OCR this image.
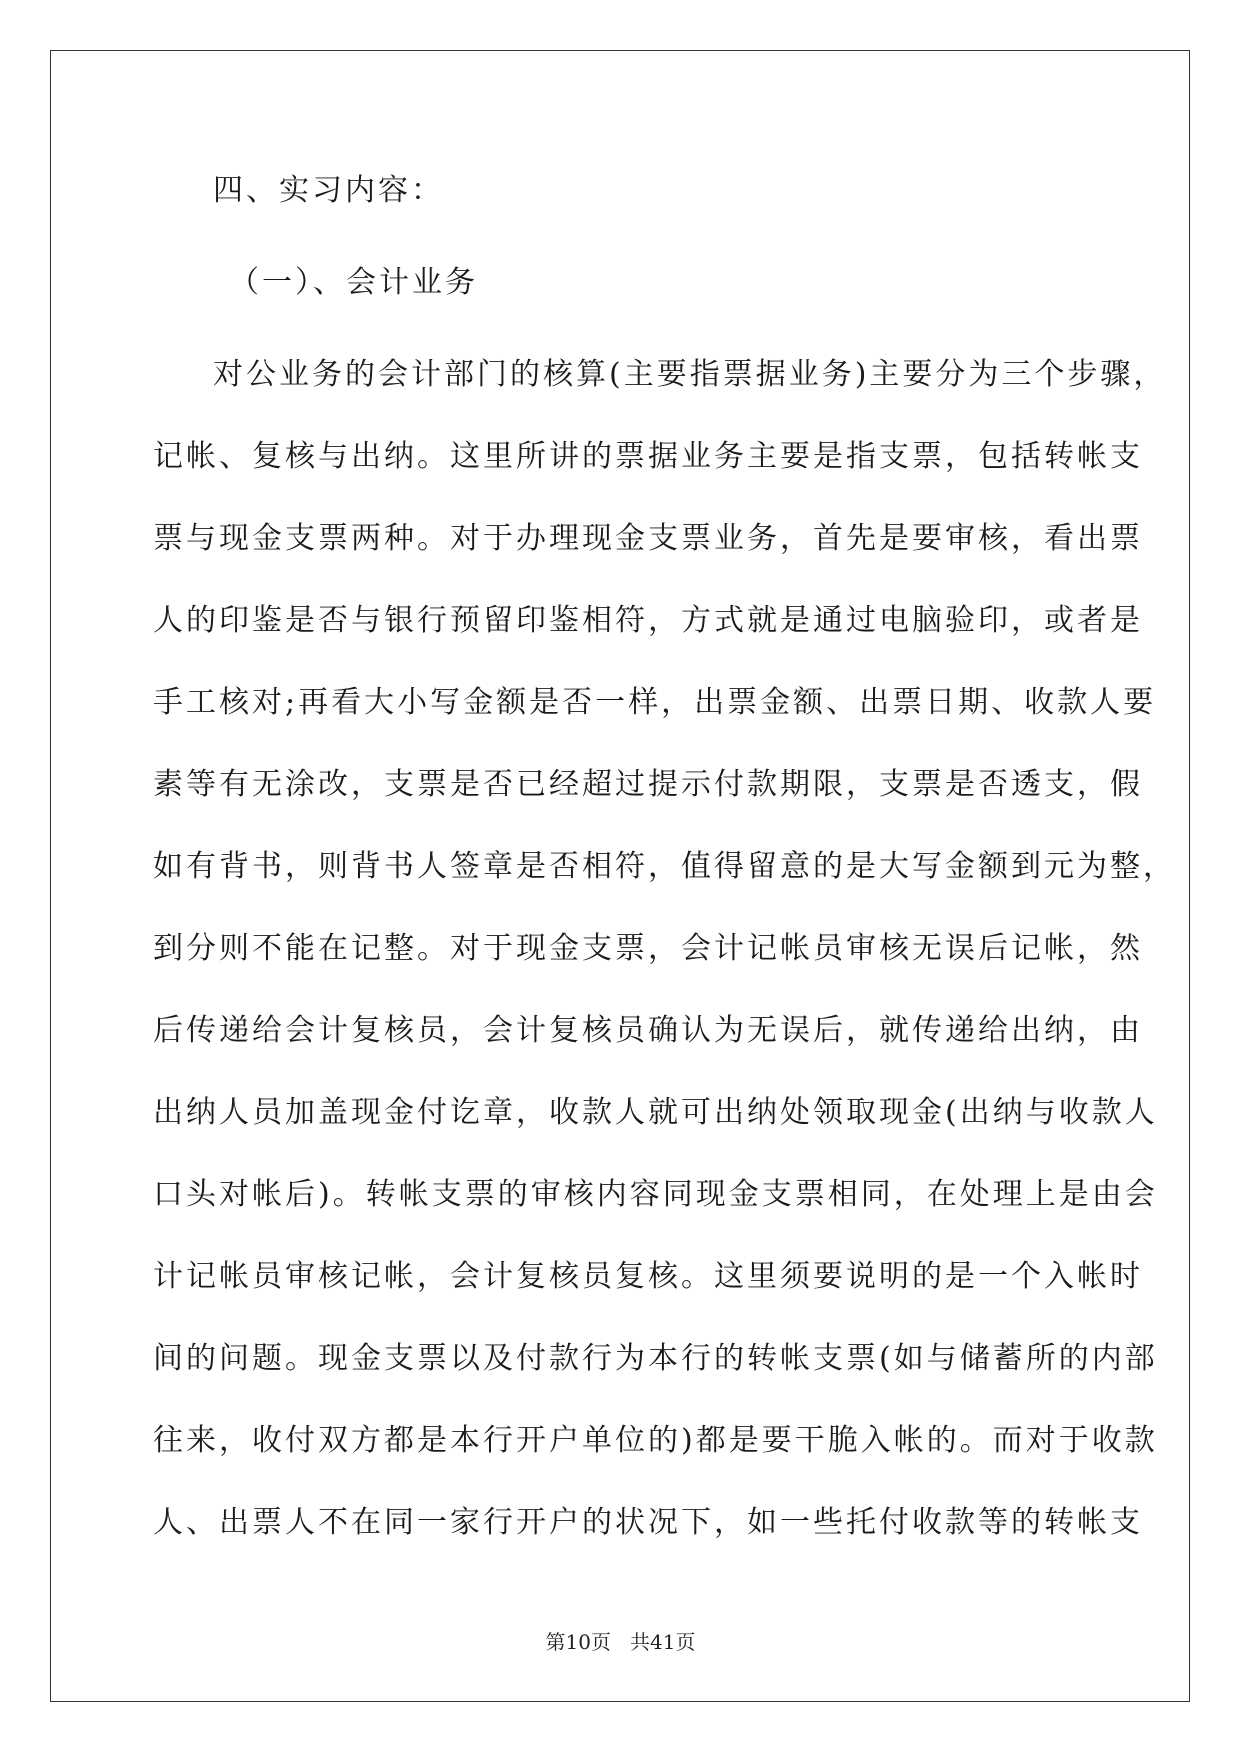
四、实习内容：

（一）、会计业务

对公业务的会计部门的核算(主要指票据业务)主要分为三个步骤，
记帐、复核与出纳。这里所讲的票据业务主要是指支票，包括转帐支
票与现金支票两种。对于办理现金支票业务，首先是要审核，看出票
人的印鉴是否与银行预留印鉴相符，方式就是通过电脑验印，或者是
手工核对;再看大小写金额是否一样，出票金额、出票日期、收款人要
素等有无涂改，支票是否已经超过提示付款期限，支票是否透支，假
如有背书，则背书人签章是否相符，值得留意的是大写金额到元为整，
到分则不能在记整。对于现金支票，会计记帐员审核无误后记帐，然
后传递给会计复核员，会计复核员确认为无误后，就传递给出纳，由
出纳人员加盖现金付讫章，收款人就可出纳处领取现金(出纳与收款人
口头对帐后)。转帐支票的审核内容同现金支票相同，在处理上是由会
计记帐员审核记帐，会计复核员复核。这里须要说明的是一个入帐时
间的问题。现金支票以及付款行为本行的转帐支票(如与储蓄所的内部
往来，收付双方都是本行开户单位的)都是要干脆入帐的。而对于收款
人、出票人不在同一家行开户的状况下，如一些托付收款等的转帐支
第10页   共41页
